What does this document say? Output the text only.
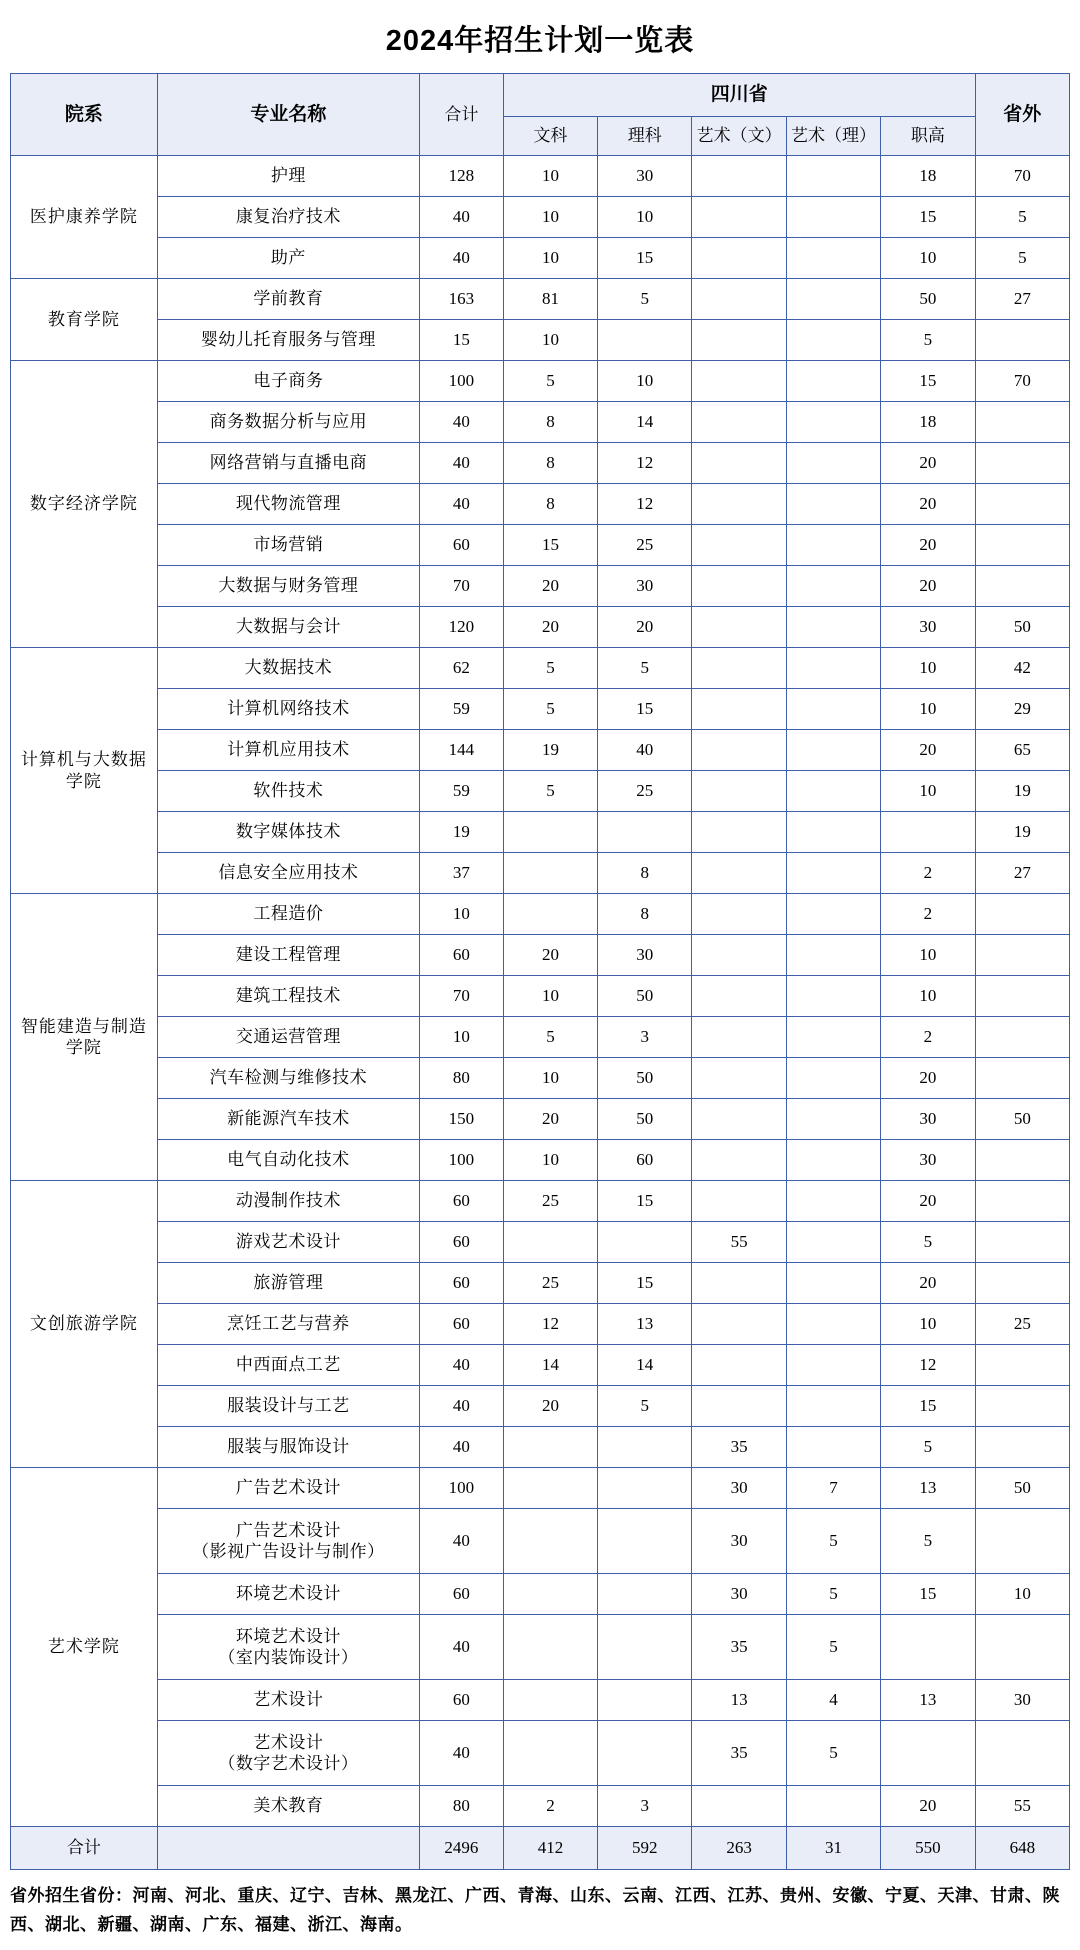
2024年招生计划一览表
院系	专业名称	合计	四川省					省外
			文科	理科	艺术（文）	艺术（理）	职高	
医护康养学院	护理	128	10	30			18	70
	康复治疗技术	40	10	10			15	5
	助产	40	10	15			10	5
教育学院	学前教育	163	81	5			50	27
	婴幼儿托育服务与管理	15	10				5	
数字经济学院	电子商务	100	5	10			15	70
	商务数据分析与应用	40	8	14			18	
	网络营销与直播电商	40	8	12			20	
	现代物流管理	40	8	12			20	
	市场营销	60	15	25			20	
	大数据与财务管理	70	20	30			20	
	大数据与会计	120	20	20			30	50
计算机与大数据学院	大数据技术	62	5	5			10	42
	计算机网络技术	59	5	15			10	29
	计算机应用技术	144	19	40			20	65
	软件技术	59	5	25			10	19
	数字媒体技术	19						19
	信息安全应用技术	37		8			2	27
智能建造与制造学院	工程造价	10		8			2	
	建设工程管理	60	20	30			10	
	建筑工程技术	70	10	50			10	
	交通运营管理	10	5	3			2	
	汽车检测与维修技术	80	10	50			20	
	新能源汽车技术	150	20	50			30	50
	电气自动化技术	100	10	60			30	
文创旅游学院	动漫制作技术	60	25	15			20	
	游戏艺术设计	60			55		5	
	旅游管理	60	25	15			20	
	烹饪工艺与营养	60	12	13			10	25
	中西面点工艺	40	14	14			12	
	服装设计与工艺	40	20	5			15	
	服装与服饰设计	40			35		5	
艺术学院	广告艺术设计	100			30	7	13	50
	广告艺术设计
（影视广告设计与制作）	40			30	5	5	
	环境艺术设计	60			30	5	15	10
	环境艺术设计
（室内装饰设计）	40			35	5		
	艺术设计	60			13	4	13	30
	艺术设计
（数字艺术设计）	40			35	5		
	美术教育	80	2	3			20	55
合计		2496	412	592	263	31	550	648
省外招生省份：河南、河北、重庆、辽宁、吉林、黑龙江、广西、青海、山东、云南、江西、江苏、贵州、安徽、宁夏、天津、甘肃、陕西、湖北、新疆、湖南、广东、福建、浙江、海南。
